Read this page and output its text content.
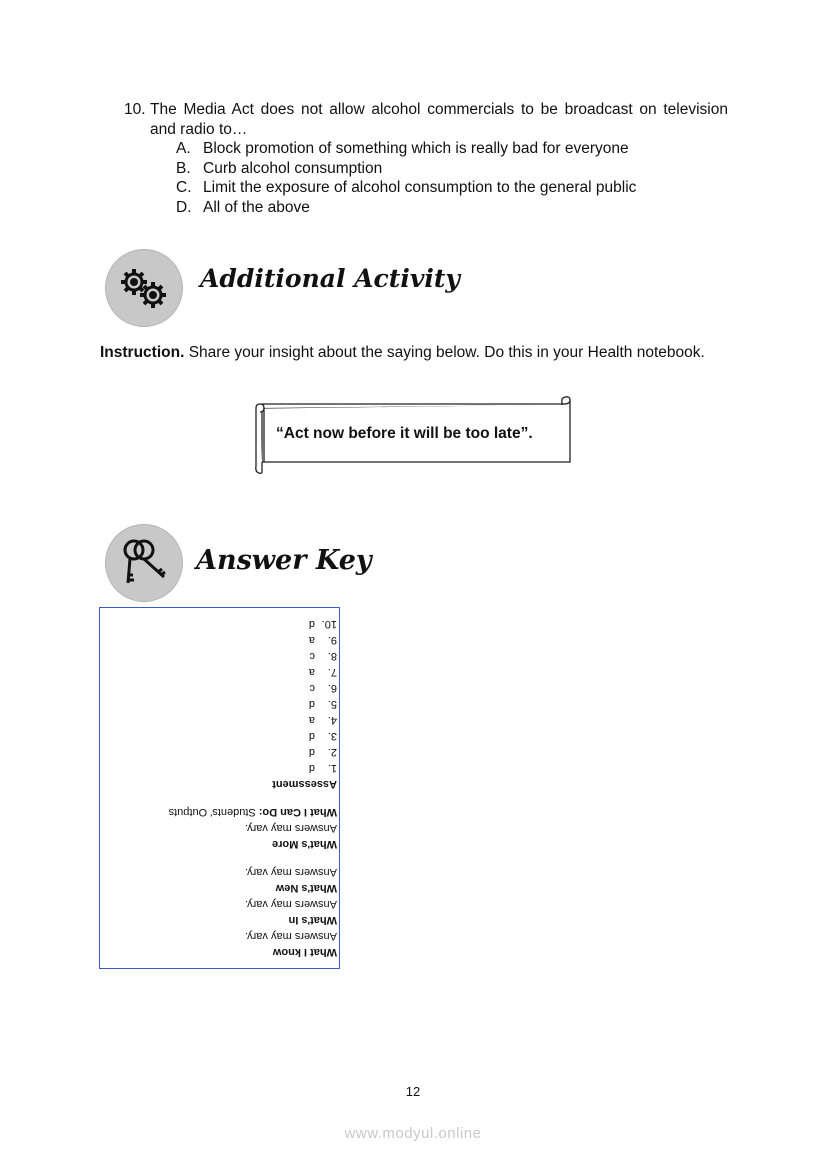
10. The Media Act does not allow alcohol commercials to be broadcast on television and radio to…
A. Block promotion of something which is really bad for everyone
B. Curb alcohol consumption
C. Limit the exposure of alcohol consumption to the general public
D. All of the above
Additional Activity
Instruction. Share your insight about the saying below. Do this in your Health notebook.
“Act now before it will be too late”.
Answer Key
What I know
Answers may vary.
What's In
Answers may vary.
What's New
Answers may vary.
What's More
Answers may vary.
What I Can Do: Students' Outputs
Assessment
1.
d
2.
d
3.
d
4.
a
5.
d
6.
c
7.
a
8.
c
9.
a
10.
d
12
www.modyul.online
